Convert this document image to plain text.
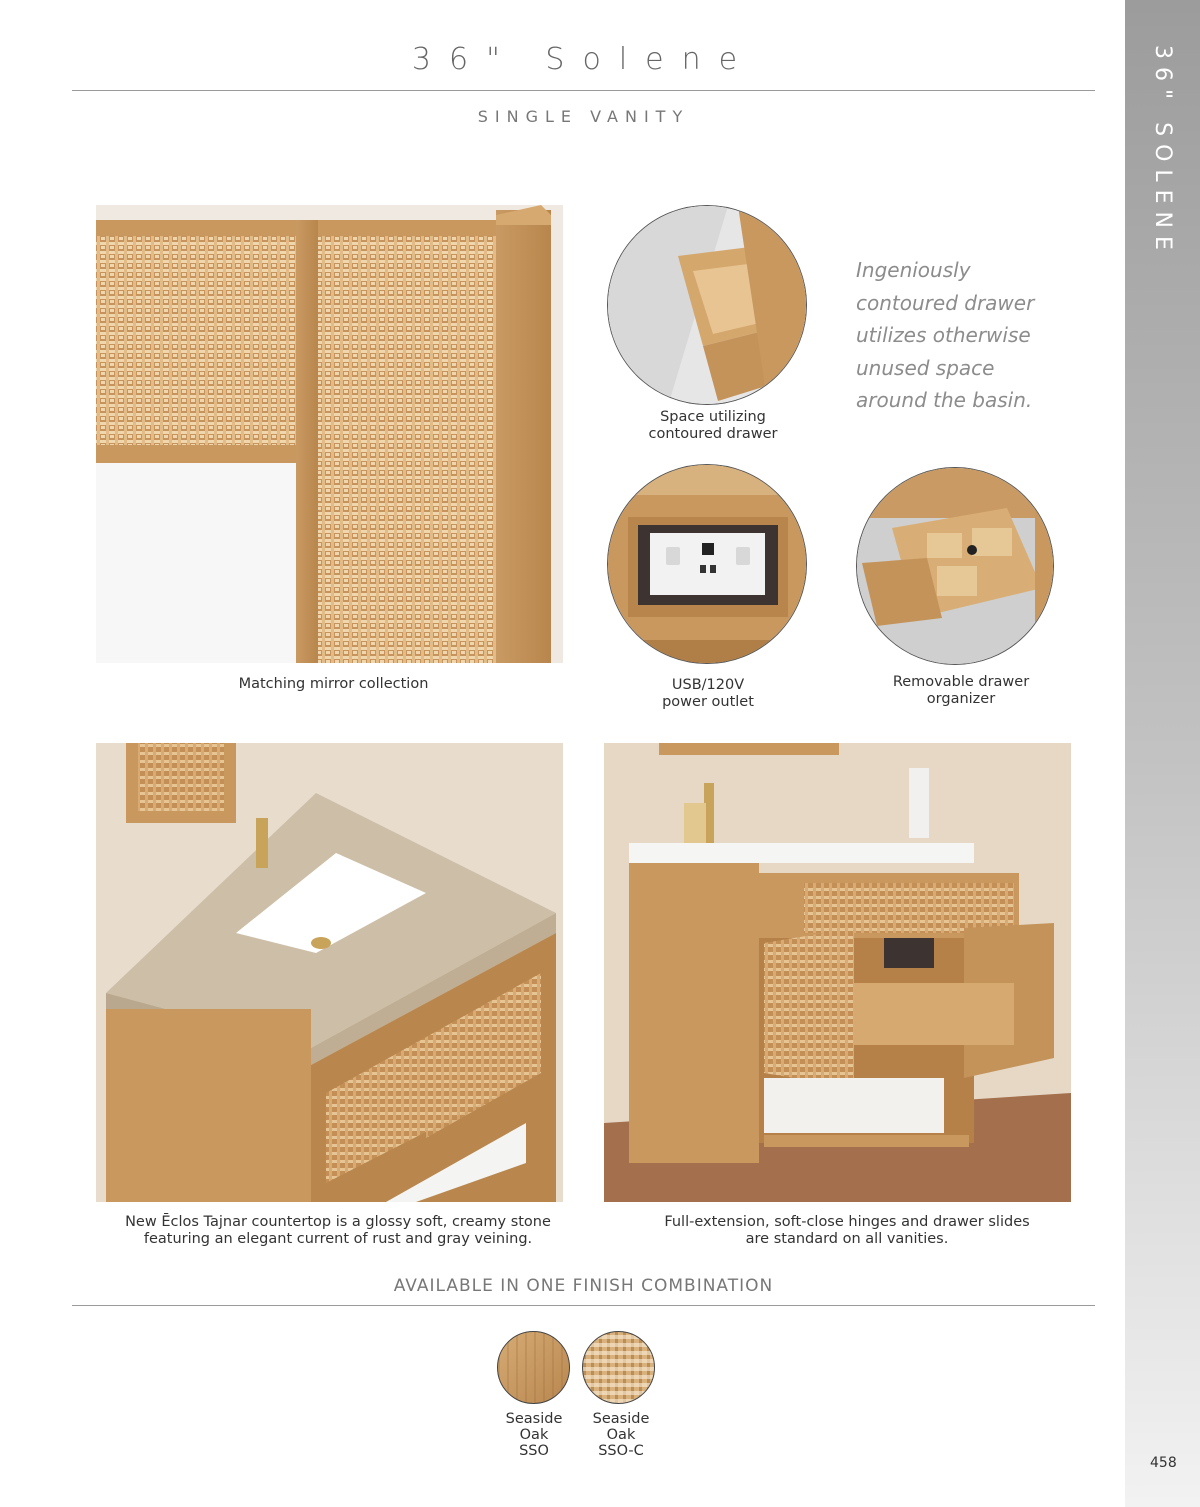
36" Solene
SINGLE VANITY	36" SOLENE
Matching mirror collection
Space utilizing
contoured drawer
Ingeniously
contoured drawer
utilizes otherwise
unused space
around the basin.
USB/120V
power outlet
Removable drawer
organizer
New Ēclos Tajnar countertop is a glossy soft, creamy stone
featuring an elegant current of rust and gray veining.
Full-extension, soft-close hinges and drawer slides
are standard on all vanities.
AVAILABLE IN ONE FINISH COMBINATION
Seaside
Oak
SSO
Seaside
Oak
SSO-C
458
